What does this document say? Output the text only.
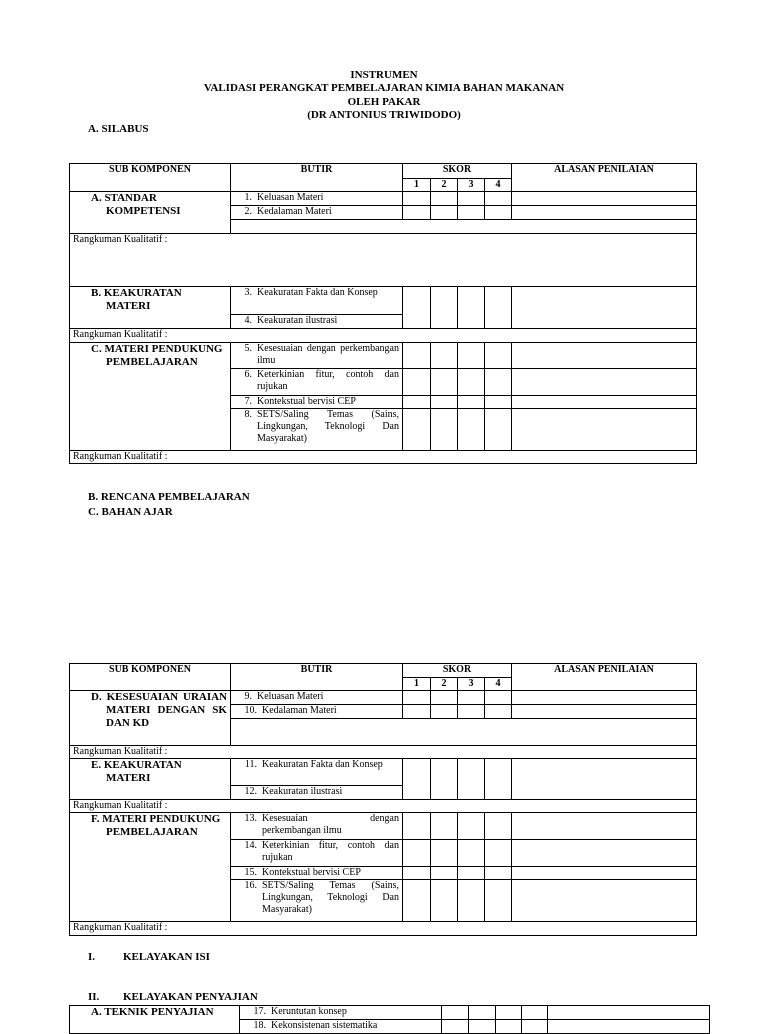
INSTRUMEN
VALIDASI PERANGKAT PEMBELAJARAN KIMIA BAHAN MAKANAN
OLEH PAKAR
(DR ANTONIUS TRIWIDODO)
A. SILABUS
SUB KOMPONEN	BUTIR	SKOR				ALASAN PENILAIAN
		1	2	3	4	

A. STANDAR KOMPETENSI	1. Keluasan Materi					

	2. Kedalaman Materi					

Rangkuman Kualitatif :						

B. KEAKURATAN MATERI	3. Keakuratan Fakta dan Konsep					

	4. Keakuratan ilustrasi					

Rangkuman Kualitatif :						

C. MATERI PENDUKUNG PEMBELAJARAN	5. Kesesuaian dengan perkembangan ilmu					

	6. Keterkinian fitur, contoh dan rujukan					

	7. Kontekstual bervisi CEP					

	8. SETS/Saling Temas (Sains, Lingkungan, Teknologi Dan Masyarakat)					

Rangkuman Kualitatif :						
B. RENCANA PEMBELAJARAN
C. BAHAN AJAR
SUB KOMPONEN	BUTIR	SKOR				ALASAN PENILAIAN
		1	2	3	4	

D. KESESUAIAN URAIAN MATERI DENGAN SK DAN KD	9. Keluasan Materi					

	10. Kedalaman Materi					

Rangkuman Kualitatif :						

E. KEAKURATAN MATERI	11. Keakuratan Fakta dan Konsep					

	12. Keakuratan ilustrasi					

Rangkuman Kualitatif :						

F. MATERI PENDUKUNG PEMBELAJARAN	13. Kesesuaian dengan perkembangan ilmu					

	14. Keterkinian fitur, contoh dan rujukan					

	15. Kontekstual bervisi CEP					

	16. SETS/Saling Temas (Sains, Lingkungan, Teknologi Dan Masyarakat)					

Rangkuman Kualitatif :						
I.	KELAYAKAN ISI
II. KELAYAKAN PENYAJIAN
A. TEKNIK PENYAJIAN	17. Keruntutan konsep					

	18. Kekonsistenan sistematika					
